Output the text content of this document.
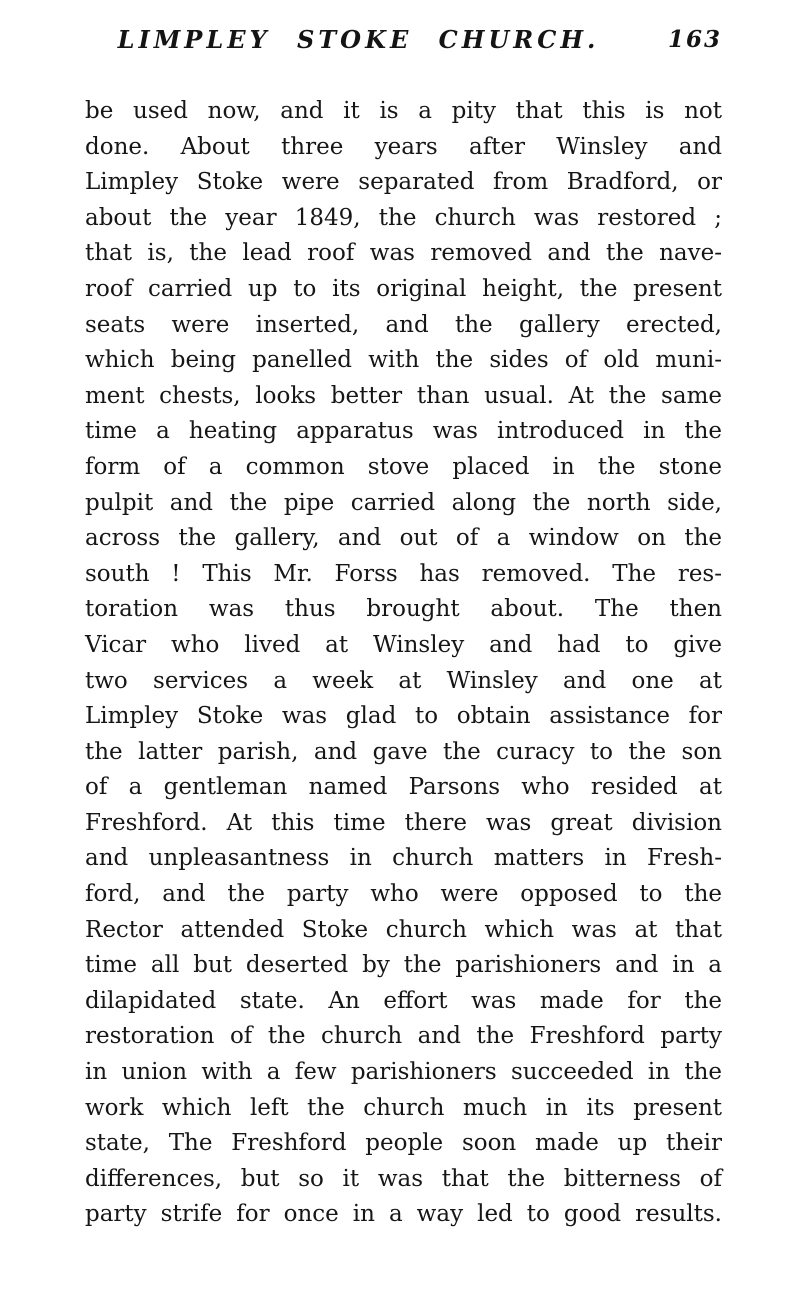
LIMPLEY STOKE CHURCH.	163
be used now, and it is a pity that this is not
done. About three years after Winsley and
Limpley Stoke were separated from Bradford, or
about the year 1849, the church was restored ;
that is, the lead roof was removed and the nave-
roof carried up to its original height, the present
seats were inserted, and the gallery erected,
which being panelled with the sides of old muni-
ment chests, looks better than usual. At the same
time a heating apparatus was introduced in the
form of a common stove placed in the stone
pulpit and the pipe carried along the north side,
across the gallery, and out of a window on the
south ! This Mr. Forss has removed. The res-
toration was thus brought about. The then
Vicar who lived at Winsley and had to give
two services a week at Winsley and one at
Limpley Stoke was glad to obtain assistance for
the latter parish, and gave the curacy to the son
of a gentleman named Parsons who resided at
Freshford. At this time there was great division
and unpleasantness in church matters in Fresh-
ford, and the party who were opposed to the
Rector attended Stoke church which was at that
time all but deserted by the parishioners and in a
dilapidated state. An effort was made for the
restoration of the church and the Freshford party
in union with a few parishioners succeeded in the
work which left the church much in its present
state, The Freshford people soon made up their
differences, but so it was that the bitterness of
party strife for once in a way led to good results.
